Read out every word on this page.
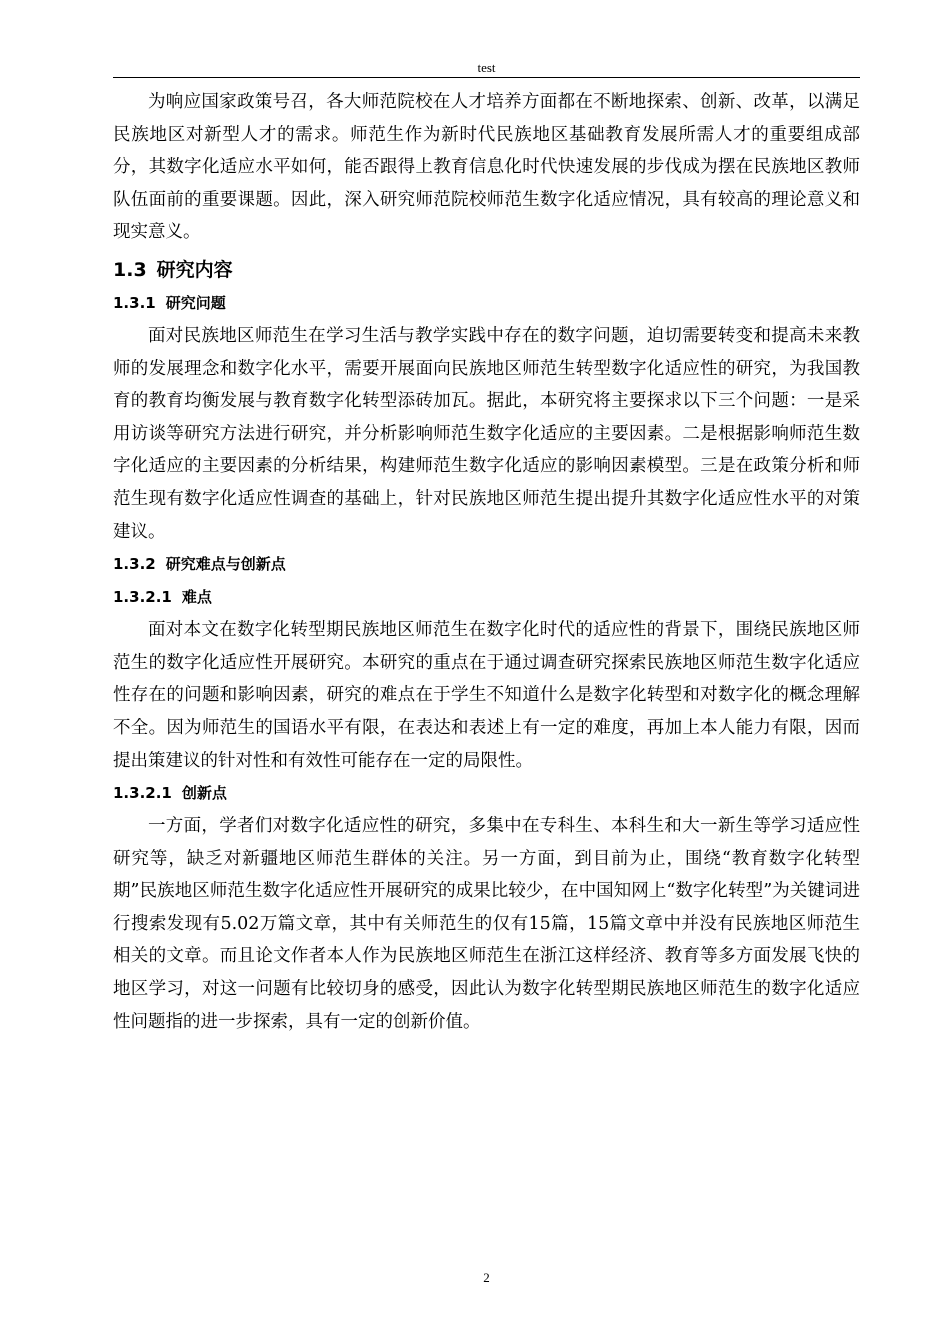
test

为响应国家政策号召，各大师范院校在人才培养方面都在不断地探索、创新、改革，以满足民族地区对新型人才的需求。师范生作为新时代民族地区基础教育发展所需人才的重要组成部分，其数字化适应水平如何，能否跟得上教育信息化时代快速发展的步伐成为摆在民族地区教师队伍面前的重要课题。因此，深入研究师范院校师范生数字化适应情况，具有较高的理论意义和现实意义。

1.3 研究内容
1.3.1 研究问题

面对民族地区师范生在学习生活与教学实践中存在的数字问题，迫切需要转变和提高未来教师的发展理念和数字化水平，需要开展面向民族地区师范生转型数字化适应性的研究，为我国教育的教育均衡发展与教育数字化转型添砖加瓦。据此，本研究将主要探求以下三个问题：一是采用访谈等研究方法进行研究，并分析影响师范生数字化适应的主要因素。二是根据影响师范生数字化适应的主要因素的分析结果，构建师范生数字化适应的影响因素模型。三是在政策分析和师范生现有数字化适应性调查的基础上，针对民族地区师范生提出提升其数字化适应性水平的对策建议。

1.3.2 研究难点与创新点
1.3.2.1 难点

面对本文在数字化转型期民族地区师范生在数字化时代的适应性的背景下，围绕民族地区师范生的数字化适应性开展研究。本研究的重点在于通过调查研究探索民族地区师范生数字化适应性存在的问题和影响因素，研究的难点在于学生不知道什么是数字化转型和对数字化的概念理解不全。因为师范生的国语水平有限，在表达和表述上有一定的难度，再加上本人能力有限，因而提出策建议的针对性和有效性可能存在一定的局限性。

1.3.2.1 创新点

一方面，学者们对数字化适应性的研究，多集中在专科生、本科生和大一新生等学习适应性研究等，缺乏对新疆地区师范生群体的关注。另一方面，到目前为止，围绕“教育数字化转型期”民族地区师范生数字化适应性开展研究的成果比较少，在中国知网上“数字化转型”为关键词进行搜索发现有5.02万篇文章，其中有关师范生的仅有15篇，15篇文章中并没有民族地区师范生相关的文章。而且论文作者本人作为民族地区师范生在浙江这样经济、教育等多方面发展飞快的地区学习，对这一问题有比较切身的感受，因此认为数字化转型期民族地区师范生的数字化适应性问题指的进一步探索，具有一定的创新价值。

2
